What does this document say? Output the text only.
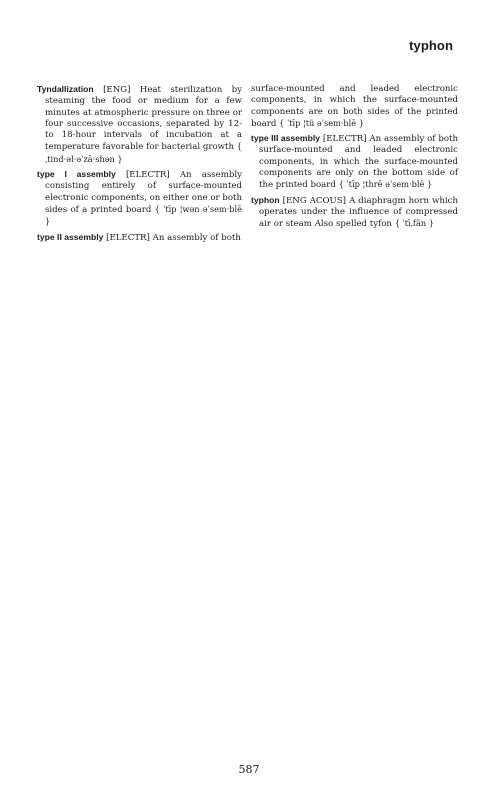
typhon

Tyndallization [ENG] Heat sterilization by steaming the food or medium for a few minutes at atmospheric pressure on three or four successive occasions, separated by 12- to 18-hour intervals of incubation at a temperature favorable for bacterial growth { ˌtind·əl·əˈzā·shən }

type I assembly [ELECTR] An assembly consisting entirely of surface-mounted electronic components, on either one or both sides of a printed board { ˈtīp ¦wən əˈsem·blē }

type II assembly [ELECTR] An assembly of both

surface-mounted and leaded electronic components, in which the surface-mounted components are on both sides of the printed board { ˈtīp ¦tü əˈsem·blē }

type III assembly [ELECTR] An assembly of both surface-mounted and leaded electronic components, in which the surface-mounted components are only on the bottom side of the printed board { ˈtīp ¦thrē əˈsem·blē }

typhon [ENG ACOUS] A diaphragm horn which operates under the influence of compressed air or steam Also spelled tyfon { ˈtīˌfän }

587
